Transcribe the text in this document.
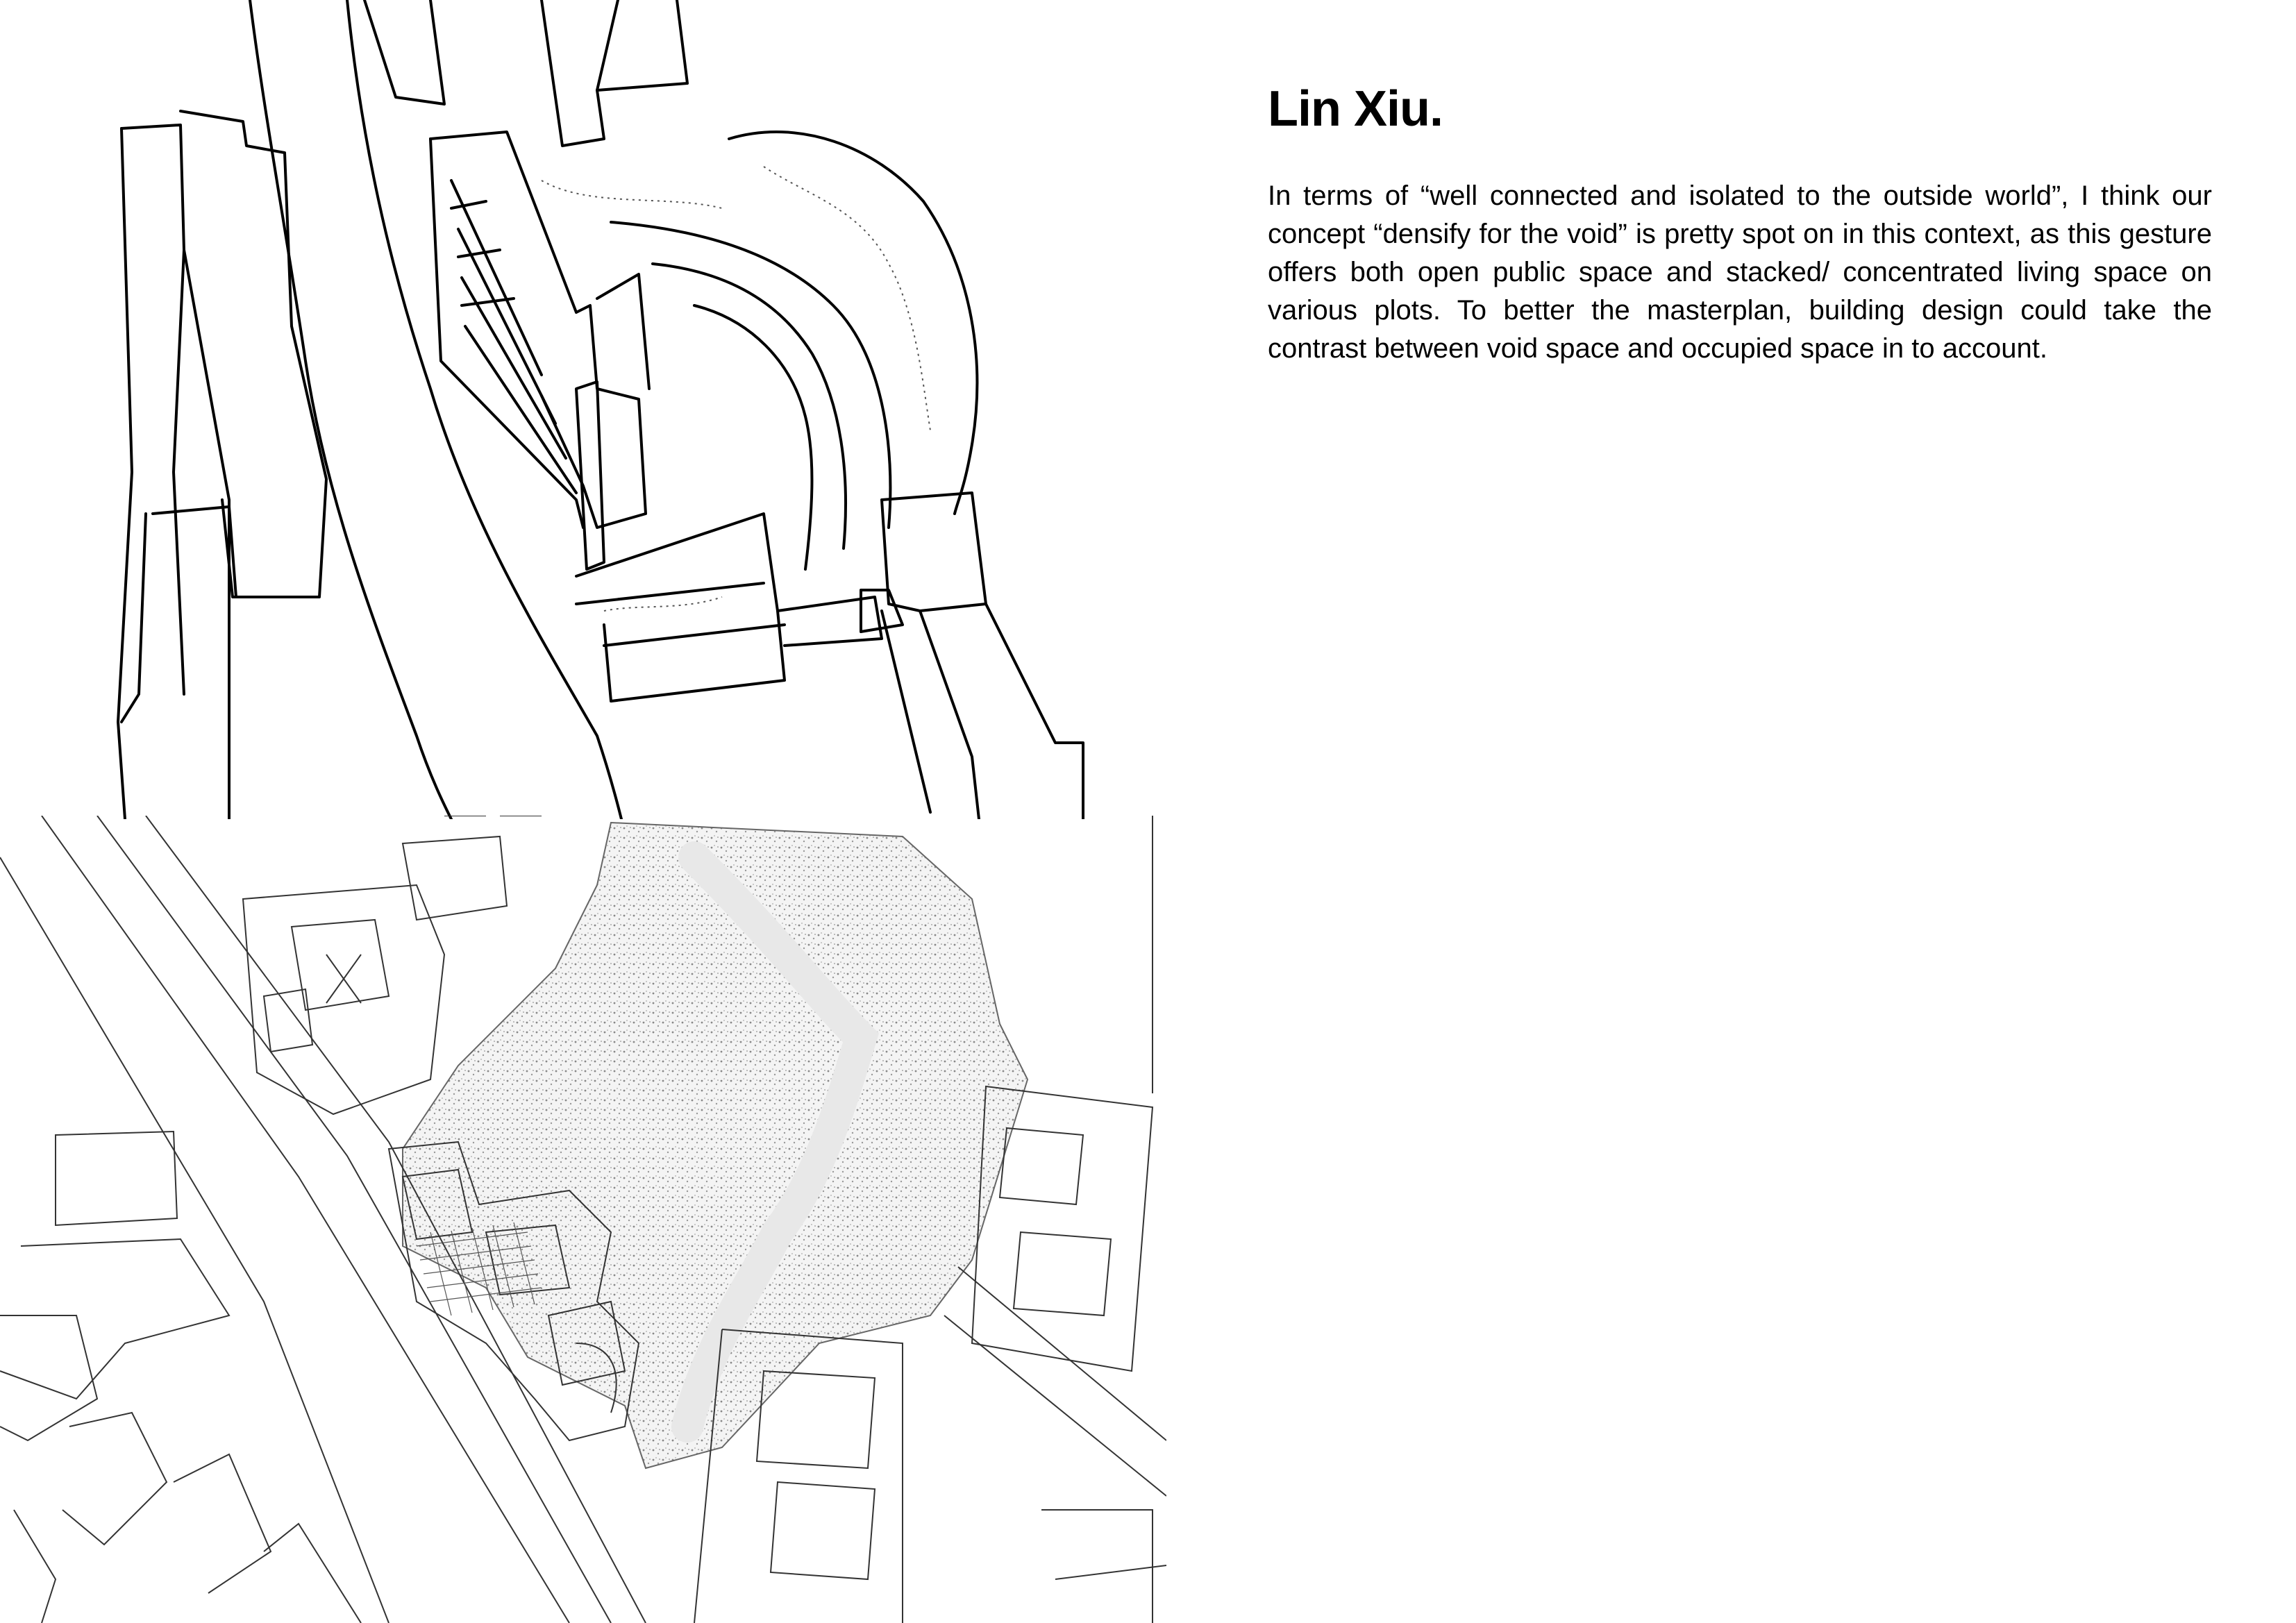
Lin Xiu.

In terms of “well connected and isolated to the outside world”, I think our concept “densify for the void” is pretty spot on in this context, as this gesture offers both open public space and stacked/ concentrated living space on various plots. To better the masterplan, building design could take the contrast between void space and occupied space in to account.
